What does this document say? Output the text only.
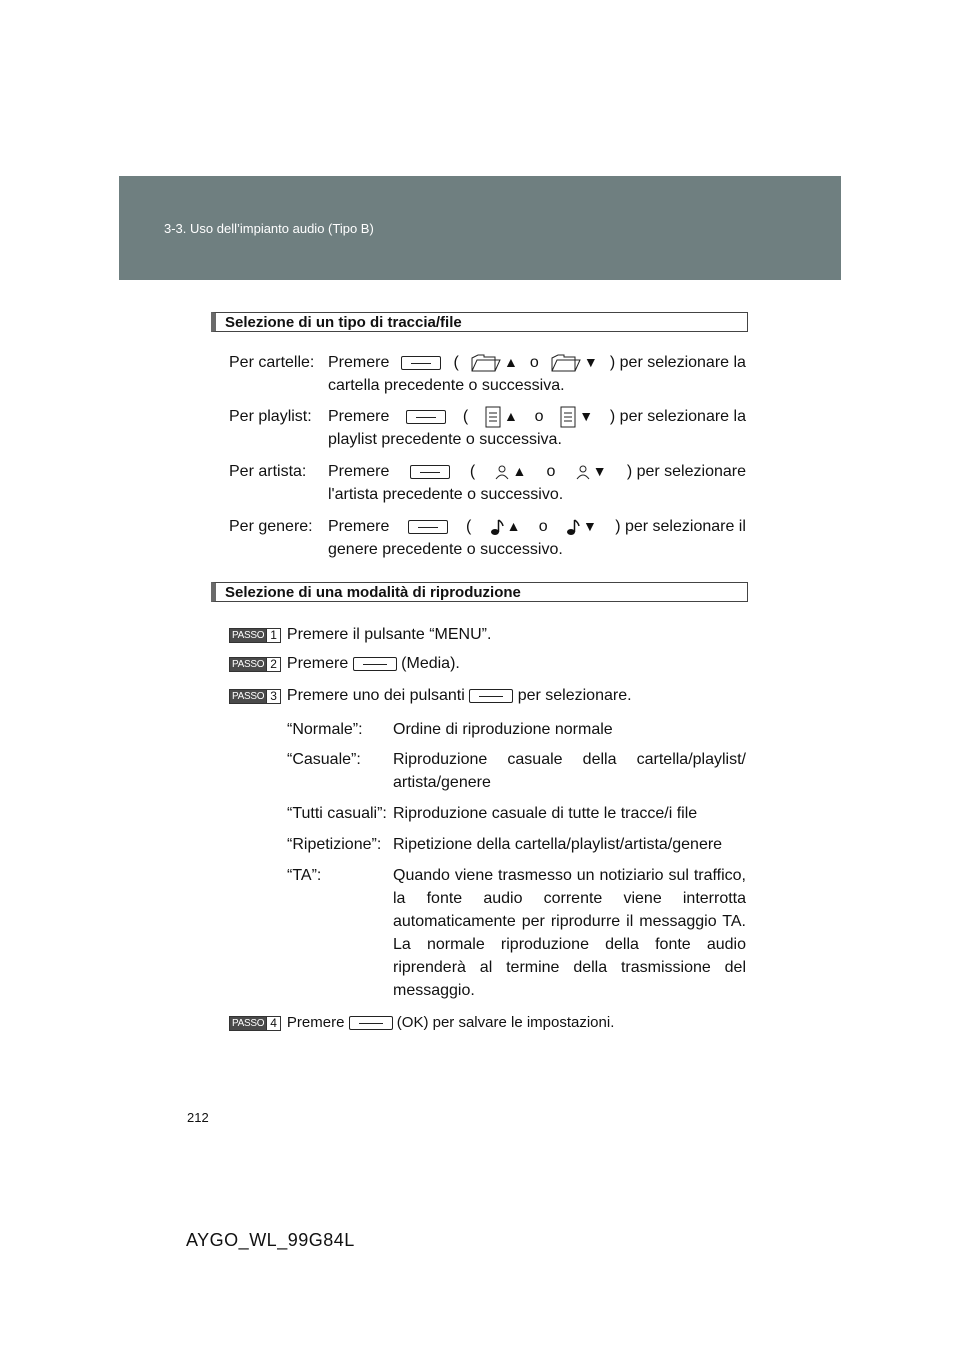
3-3. Uso dell’impianto audio (Tipo B)
Selezione di un tipo di traccia/file
Per cartelle: Premere	(	▲ o	▼ ) per selezionare la
cartella precedente o successiva.
Per playlist: Premere	(	▲ o	▼ ) per selezionare la
playlist precedente o successiva.
Per artista: Premere	(	▲ o	▼ ) per selezionare
l'artista precedente o successivo.
Per genere: Premere	(	▲ o	▼ ) per selezionare il
genere precedente o successivo.
Selezione di una modalità di riproduzione
PASSO 1 Premere il pulsante “MENU”.
PASSO 2 Premere

	(Media).
PASSO 3 Premere uno dei pulsanti

	per selezionare.
“Normale”: Ordine di riproduzione normale
“Casuale”: Riproduzione casuale della cartella/playlist/ artista/genere
“Tutti casuali”: Riproduzione casuale di tutte le tracce/i file
“Ripetizione”: Ripetizione della cartella/playlist/artista/genere
“TA”:	Quando viene trasmesso un notiziario sul traffico, la fonte audio corrente viene interrotta automaticamente per riprodurre il messaggio TA. La normale riproduzione della fonte audio riprenderà al termine della trasmissione del messaggio.
PASSO 4 Premere

	(OK) per salvare le impostazioni.
212
AYGO_WL_99G84L
